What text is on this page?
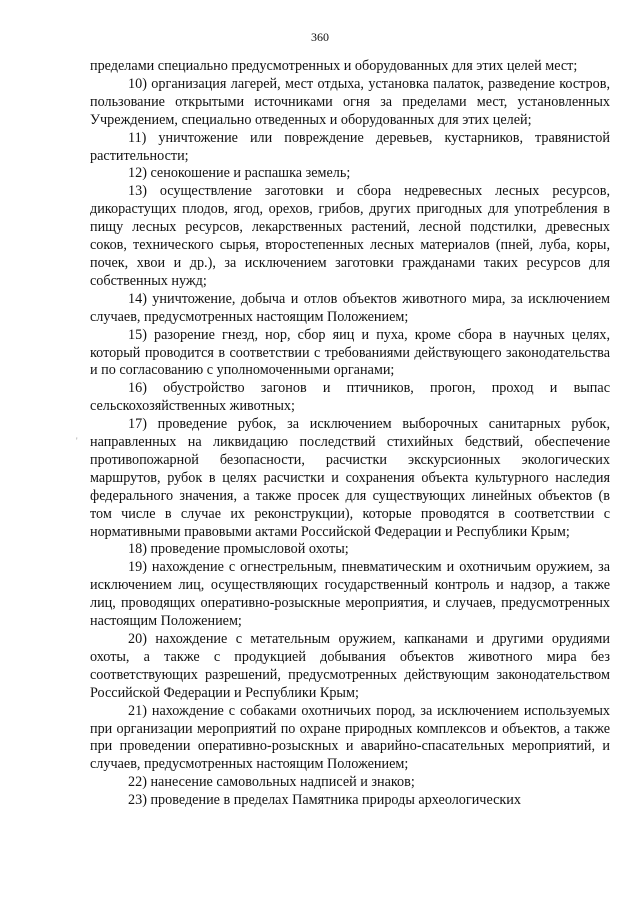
360
'

пределами специально предусмотренных и оборудованных для этих целей мест;

10) организация лагерей, мест отдыха, установка палаток, разведение костров, пользование открытыми источниками огня за пределами мест, установленных Учреждением, специально отведенных и оборудованных для этих целей;

11) уничтожение или повреждение деревьев, кустарников, травянистой растительности;

12) сенокошение и распашка земель;

13) осуществление заготовки и сбора недревесных лесных ресурсов, дикорастущих плодов, ягод, орехов, грибов, других пригодных для употребления в пищу лесных ресурсов, лекарственных растений, лесной подстилки, древесных соков, технического сырья, второстепенных лесных материалов (пней, луба, коры, почек, хвои и др.), за исключением заготовки гражданами таких ресурсов для собственных нужд;

14) уничтожение, добыча и отлов объектов животного мира, за исключением случаев, предусмотренных настоящим Положением;

15) разорение гнезд, нор, сбор яиц и пуха, кроме сбора в научных целях, который проводится в соответствии с требованиями действующего законодательства и по согласованию с уполномоченными органами;

16) обустройство загонов и птичников, прогон, проход и выпас сельскохозяйственных животных;

17) проведение рубок, за исключением выборочных санитарных рубок, направленных на ликвидацию последствий стихийных бедствий, обеспечение противопожарной безопасности, расчистки экскурсионных экологических маршрутов, рубок в целях расчистки и сохранения объекта культурного наследия федерального значения, а также просек для существующих линейных объектов (в том числе в случае их реконструкции), которые проводятся в соответствии с нормативными правовыми актами Российской Федерации и Республики Крым;

18) проведение промысловой охоты;

19) нахождение с огнестрельным, пневматическим и охотничьим оружием, за исключением лиц, осуществляющих государственный контроль и надзор, а также лиц, проводящих оперативно-розыскные мероприятия, и случаев, предусмотренных настоящим Положением;

20) нахождение с метательным оружием, капканами и другими орудиями охоты, а также с продукцией добывания объектов животного мира без соответствующих разрешений, предусмотренных действующим законодательством Российской Федерации и Республики Крым;

21) нахождение с собаками охотничьих пород, за исключением используемых при организации мероприятий по охране природных комплексов и объектов, а также при проведении оперативно-розыскных и аварийно-спасательных мероприятий, и случаев, предусмотренных настоящим Положением;

22) нанесение самовольных надписей и знаков;

23) проведение в пределах Памятника природы археологических
